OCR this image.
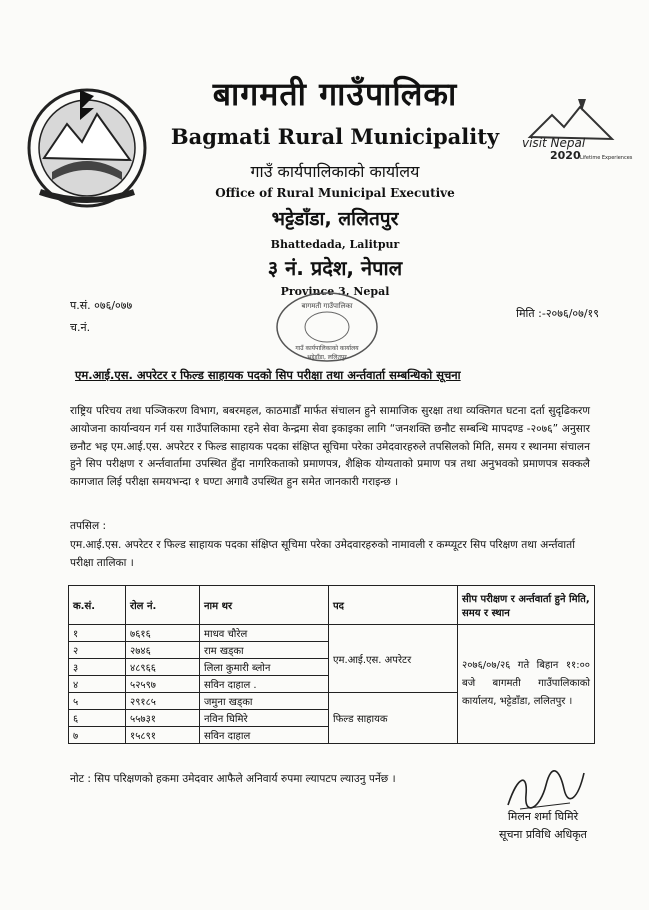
visit Nepal
2020 Lifetime Experiences
बागमती गाउँपालिका
Bagmati Rural Municipality
गाउँ कार्यपालिकाको कार्यालय
Office of Rural Municipal Executive
भट्टेडाँडा, ललितपुर
Bhattedada, Lalitpur
३ नं. प्रदेश, नेपाल
Province 3, Nepal
बागमती गाउँपालिका
गाउँ कार्यपालिकाको कार्यालय
भट्टेडाँडा, ललितपुर
प.सं. ०७६/०७७
च.नं.
मिति :-२०७६/०७/१९
एम.आई.एस. अपरेटर र फिल्ड साहायक पदको सिप परीक्षा तथा अर्न्तवार्ता सम्बन्धिको सूचना
राष्ट्रिय परिचय तथा पञ्जिकरण विभाग, बबरमहल, काठमाडौँ मार्फत संचालन हुने सामाजिक सुरक्षा तथा व्यक्तिगत घटना दर्ता सुदृढिकरण आयोजना कार्यान्वयन गर्न यस गाउँपालिकामा रहने सेवा केन्द्रमा सेवा इकाइका लागि “जनशक्ति छनौट सम्बन्धि मापदण्ड -२०७६” अनुसार छनौट भइ एम.आई.एस. अपरेटर र फिल्ड साहायक पदका संक्षिप्त सूचिमा परेका उमेदवारहरुले तपसिलको मिति, समय र स्थानमा संचालन हुने सिप परीक्षण र अर्न्तवार्तामा उपस्थित हुँदा नागरिकताको प्रमाणपत्र, शैक्षिक योग्यताको प्रमाण पत्र तथा अनुभवको प्रमाणपत्र सक्कलै कागजात लिई परीक्षा समयभन्दा १ घण्टा अगावै उपस्थित हुन समेत जानकारी गराइन्छ ।
तपसिल :
एम.आई.एस. अपरेटर र फिल्ड साहायक पदका संक्षिप्त सूचिमा परेका उमेदवारहरुको नामावली र कम्प्यूटर सिप परिक्षण तथा अर्न्तवार्ता परीक्षा तालिका ।
क.सं.	रोल नं.	नाम थर	पद	सीप परीक्षण र अर्न्तवार्ता हुने मिति, समय र स्थान
१	७६१६	माधव चौरेल	एम.आई.एस. अपरेटर	२०७६/०७/२६ गते बिहान ११:०० बजे बागमती गाउँपालिकाको कार्यालय, भट्टेडाँडा, ललितपुर ।

२	२७४६	राम खड्का		
३	४८९६६	लिला कुमारी ब्लोन		
४	५२५९७	सविन दाहाल .		
५	२९१८५	जमुना खड्का	फिल्ड साहायक	
६	५५७३१	नविन घिमिरे		
७	१५८९१	सविन दाहाल		
नोट : सिप परिक्षणको हकमा उमेदवार आफैले अनिवार्य रुपमा ल्यापटप ल्याउनु पर्नेछ ।
मिलन शर्मा घिमिरे
सूचना प्रविधि अधिकृत
